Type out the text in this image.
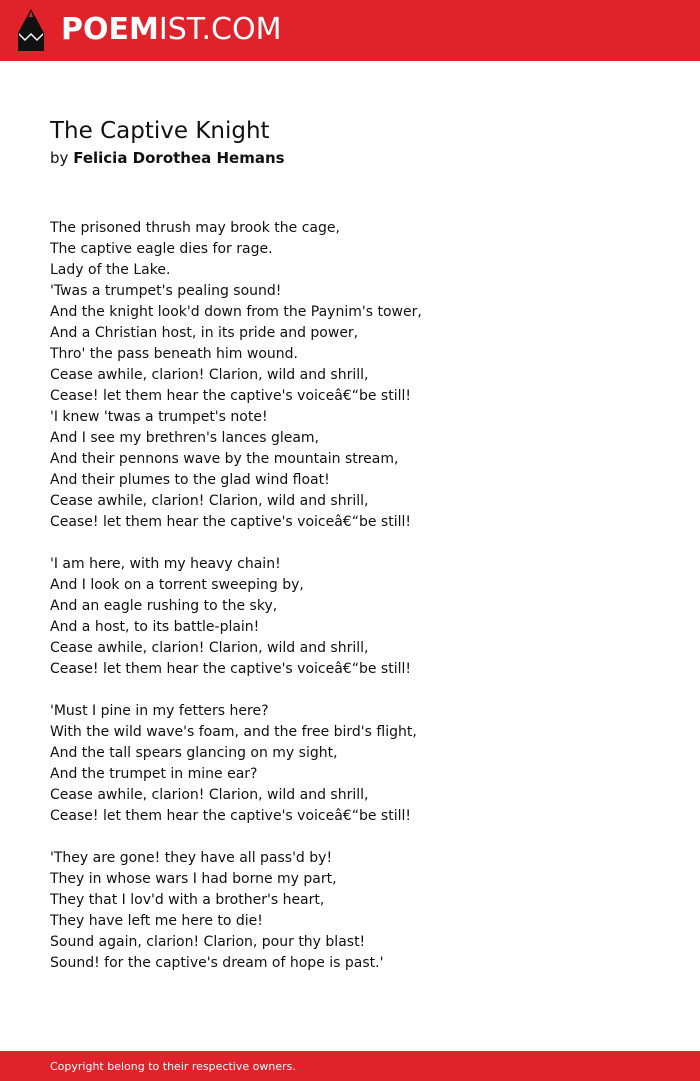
POEMIST.COM
The Captive Knight
by Felicia Dorothea Hemans
The prisoned thrush may brook the cage,
The captive eagle dies for rage.
Lady of the Lake.
'Twas a trumpet's pealing sound!
And the knight look'd down from the Paynim's tower,
And a Christian host, in its pride and power,
Thro' the pass beneath him wound.
Cease awhile, clarion! Clarion, wild and shrill,
Cease! let them hear the captive's voiceâ€“be still!
'I knew 'twas a trumpet's note!
And I see my brethren's lances gleam,
And their pennons wave by the mountain stream,
And their plumes to the glad wind float!
Cease awhile, clarion! Clarion, wild and shrill,
Cease! let them hear the captive's voiceâ€“be still!
'I am here, with my heavy chain!
And I look on a torrent sweeping by,
And an eagle rushing to the sky,
And a host, to its battle-plain!
Cease awhile, clarion! Clarion, wild and shrill,
Cease! let them hear the captive's voiceâ€“be still!
'Must I pine in my fetters here?
With the wild wave's foam, and the free bird's flight,
And the tall spears glancing on my sight,
And the trumpet in mine ear?
Cease awhile, clarion! Clarion, wild and shrill,
Cease! let them hear the captive's voiceâ€“be still!
'They are gone! they have all pass'd by!
They in whose wars I had borne my part,
They that I lov'd with a brother's heart,
They have left me here to die!
Sound again, clarion! Clarion, pour thy blast!
Sound! for the captive's dream of hope is past.'
Copyright belong to their respective owners.
